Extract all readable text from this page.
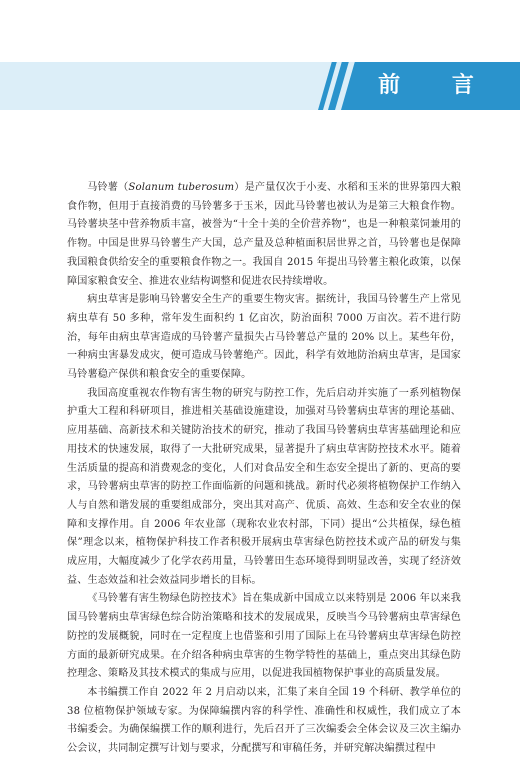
前 言

马铃薯（Solanum tuberosum）是产量仅次于小麦、水稻和玉米的世界第四大粮食作物，但用于直接消费的马铃薯多于玉米，因此马铃薯也被认为是第三大粮食作物。马铃薯块茎中营养物质丰富，被誉为“十全十美的全价营养物”，也是一种粮菜饲兼用的作物。中国是世界马铃薯生产大国，总产量及总种植面积居世界之首，马铃薯也是保障我国粮食供给安全的重要粮食作物之一。我国自 2015 年提出马铃薯主粮化政策，以保障国家粮食安全、推进农业结构调整和促进农民持续增收。

病虫草害是影响马铃薯安全生产的重要生物灾害。据统计，我国马铃薯生产上常见病虫草有 50 多种，常年发生面积约 1 亿亩次，防治面积 7000 万亩次。若不进行防治，每年由病虫草害造成的马铃薯产量损失占马铃薯总产量的 20% 以上。某些年份，一种病虫害暴发成灾，便可造成马铃薯绝产。因此，科学有效地防治病虫草害，是国家马铃薯稳产保供和粮食安全的重要保障。

我国高度重视农作物有害生物的研究与防控工作，先后启动并实施了一系列植物保护重大工程和科研项目，推进相关基础设施建设，加强对马铃薯病虫草害的理论基础、应用基础、高新技术和关键防治技术的研究，推动了我国马铃薯病虫草害基础理论和应用技术的快速发展，取得了一大批研究成果，显著提升了病虫草害防控技术水平。随着生活质量的提高和消费观念的变化，人们对食品安全和生态安全提出了新的、更高的要求，马铃薯病虫草害的防控工作面临新的问题和挑战。新时代必须将植物保护工作纳入人与自然和谐发展的重要组成部分，突出其对高产、优质、高效、生态和安全农业的保障和支撑作用。自 2006 年农业部（现称农业农村部，下同）提出“公共植保，绿色植保”理念以来，植物保护科技工作者积极开展病虫草害绿色防控技术或产品的研发与集成应用，大幅度减少了化学农药用量，马铃薯田生态环境得到明显改善，实现了经济效益、生态效益和社会效益同步增长的目标。

《马铃薯有害生物绿色防控技术》旨在集成新中国成立以来特别是 2006 年以来我国马铃薯病虫草害绿色综合防治策略和技术的发展成果，反映当今马铃薯病虫草害绿色防控的发展概貌，同时在一定程度上也借鉴和引用了国际上在马铃薯病虫草害绿色防控方面的最新研究成果。在介绍各种病虫草害的生物学特性的基础上，重点突出其绿色防控理念、策略及其技术模式的集成与应用，以促进我国植物保护事业的高质量发展。

本书编撰工作自 2022 年 2 月启动以来，汇集了来自全国 19 个科研、教学单位的 38 位植物保护领域专家。为保障编撰内容的科学性、准确性和权威性，我们成立了本书编委会。为确保编撰工作的顺利进行，先后召开了三次编委会全体会议及三次主编办公会议，共同制定撰写计划与要求，分配撰写和审稿任务，并研究解决编撰过程中
